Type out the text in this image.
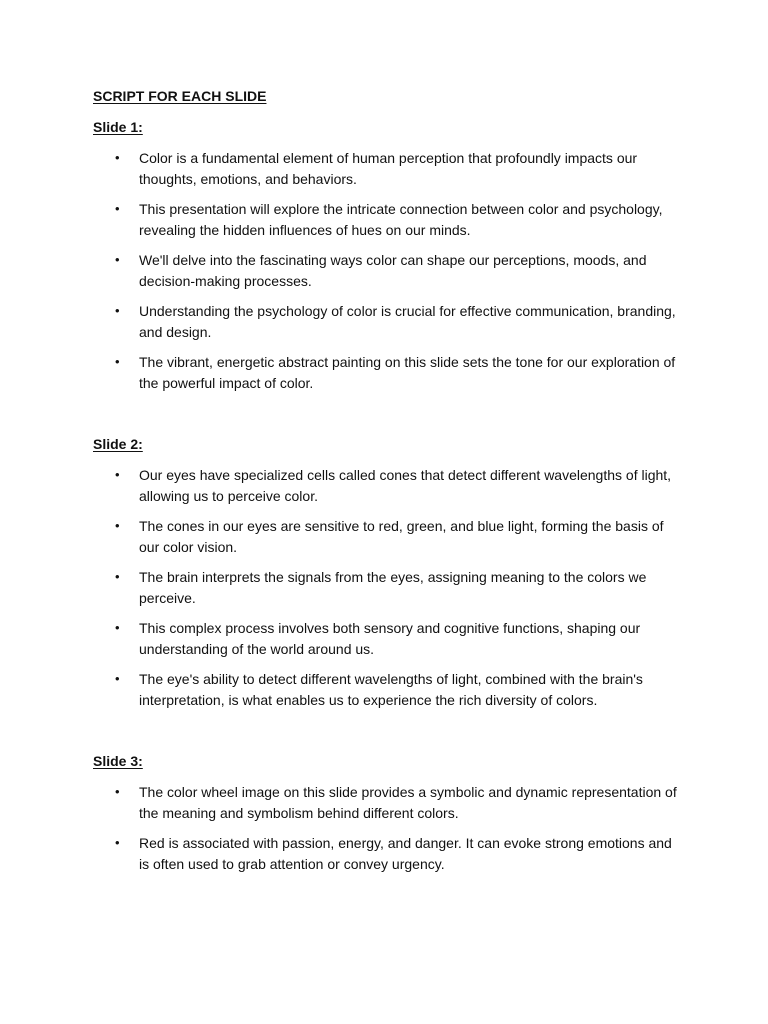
SCRIPT FOR EACH SLIDE

Slide 1:

• Color is a fundamental element of human perception that profoundly impacts our thoughts, emotions, and behaviors.
• This presentation will explore the intricate connection between color and psychology, revealing the hidden influences of hues on our minds.
• We'll delve into the fascinating ways color can shape our perceptions, moods, and decision-making processes.
• Understanding the psychology of color is crucial for effective communication, branding, and design.
• The vibrant, energetic abstract painting on this slide sets the tone for our exploration of the powerful impact of color.

Slide 2:

• Our eyes have specialized cells called cones that detect different wavelengths of light, allowing us to perceive color.
• The cones in our eyes are sensitive to red, green, and blue light, forming the basis of our color vision.
• The brain interprets the signals from the eyes, assigning meaning to the colors we perceive.
• This complex process involves both sensory and cognitive functions, shaping our understanding of the world around us.
• The eye's ability to detect different wavelengths of light, combined with the brain's interpretation, is what enables us to experience the rich diversity of colors.

Slide 3:

• The color wheel image on this slide provides a symbolic and dynamic representation of the meaning and symbolism behind different colors.
• Red is associated with passion, energy, and danger. It can evoke strong emotions and is often used to grab attention or convey urgency.
